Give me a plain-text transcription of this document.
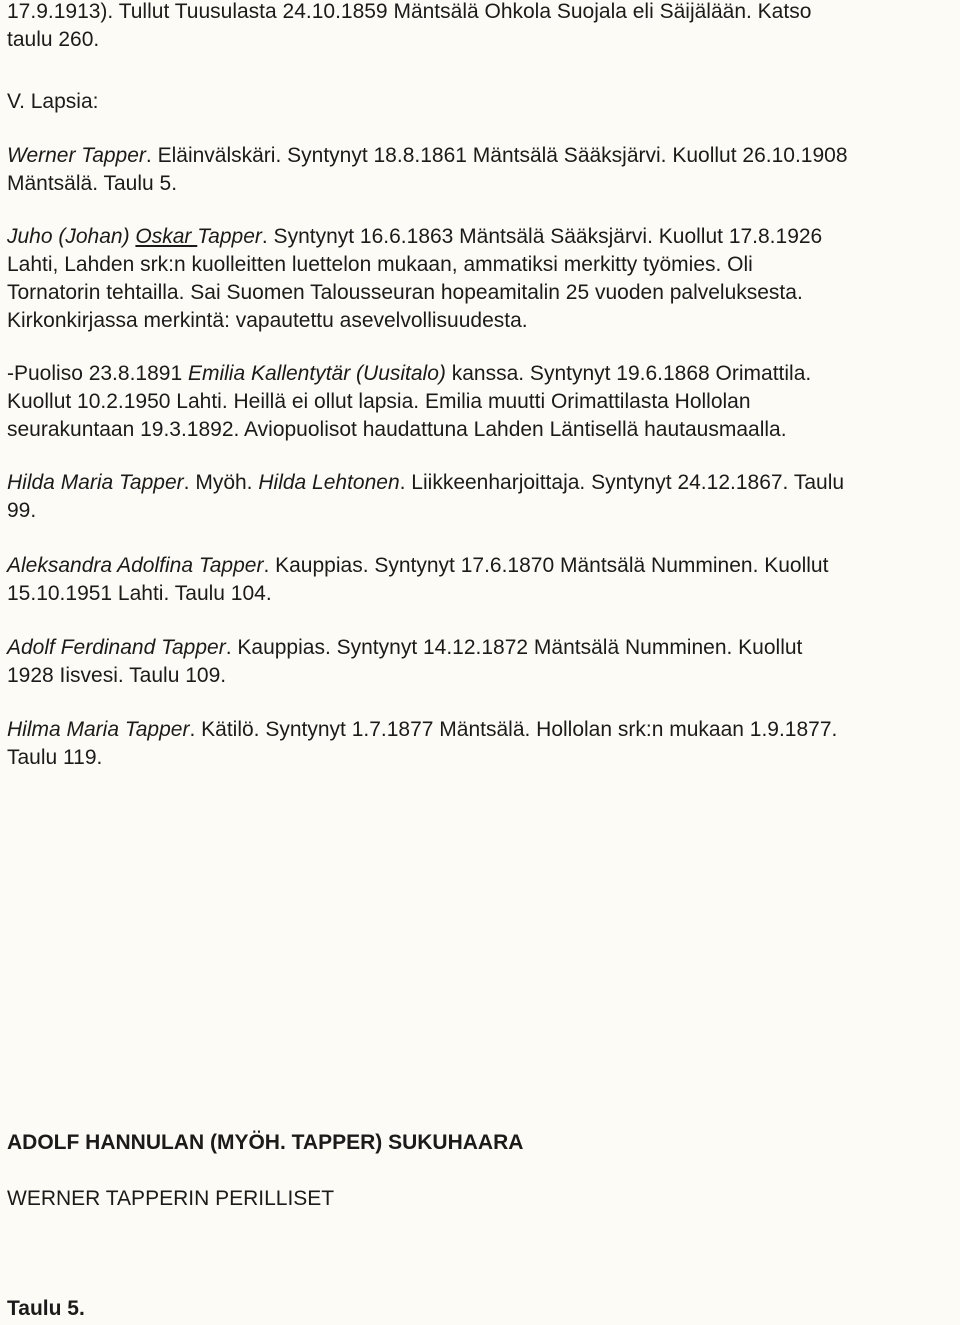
17.9.1913). Tullut Tuusulasta 24.10.1859 Mäntsälä Ohkola Suojala eli Säijälään. Katso
taulu 260.

V. Lapsia:

Werner Tapper. Eläinvälskäri. Syntynyt 18.8.1861 Mäntsälä Sääksjärvi. Kuollut 26.10.1908
Mäntsälä. Taulu 5.

Juho (Johan) Oskar Tapper. Syntynyt 16.6.1863 Mäntsälä Sääksjärvi. Kuollut 17.8.1926
Lahti, Lahden srk:n kuolleitten luettelon mukaan, ammatiksi merkitty työmies. Oli
Tornatorin tehtailla. Sai Suomen Talousseuran hopeamitalin 25 vuoden palveluksesta.
Kirkonkirjassa merkintä: vapautettu asevelvollisuudesta.

-Puoliso 23.8.1891 Emilia Kallentytär (Uusitalo) kanssa. Syntynyt 19.6.1868 Orimattila.
Kuollut 10.2.1950 Lahti. Heillä ei ollut lapsia. Emilia muutti Orimattilasta Hollolan
seurakuntaan 19.3.1892. Aviopuolisot haudattuna Lahden Läntisellä hautausmaalla.

Hilda Maria Tapper. Myöh. Hilda Lehtonen. Liikkeenharjoittaja. Syntynyt 24.12.1867. Taulu
99.

Aleksandra Adolfina Tapper. Kauppias. Syntynyt 17.6.1870 Mäntsälä Numminen. Kuollut
15.10.1951 Lahti. Taulu 104.

Adolf Ferdinand Tapper. Kauppias. Syntynyt 14.12.1872 Mäntsälä Numminen. Kuollut
1928 Iisvesi. Taulu 109.

Hilma Maria Tapper. Kätilö. Syntynyt 1.7.1877 Mäntsälä. Hollolan srk:n mukaan 1.9.1877.
Taulu 119.

ADOLF HANNULAN (MYÖH. TAPPER) SUKUHAARA

WERNER TAPPERIN PERILLISET

Taulu 5.
